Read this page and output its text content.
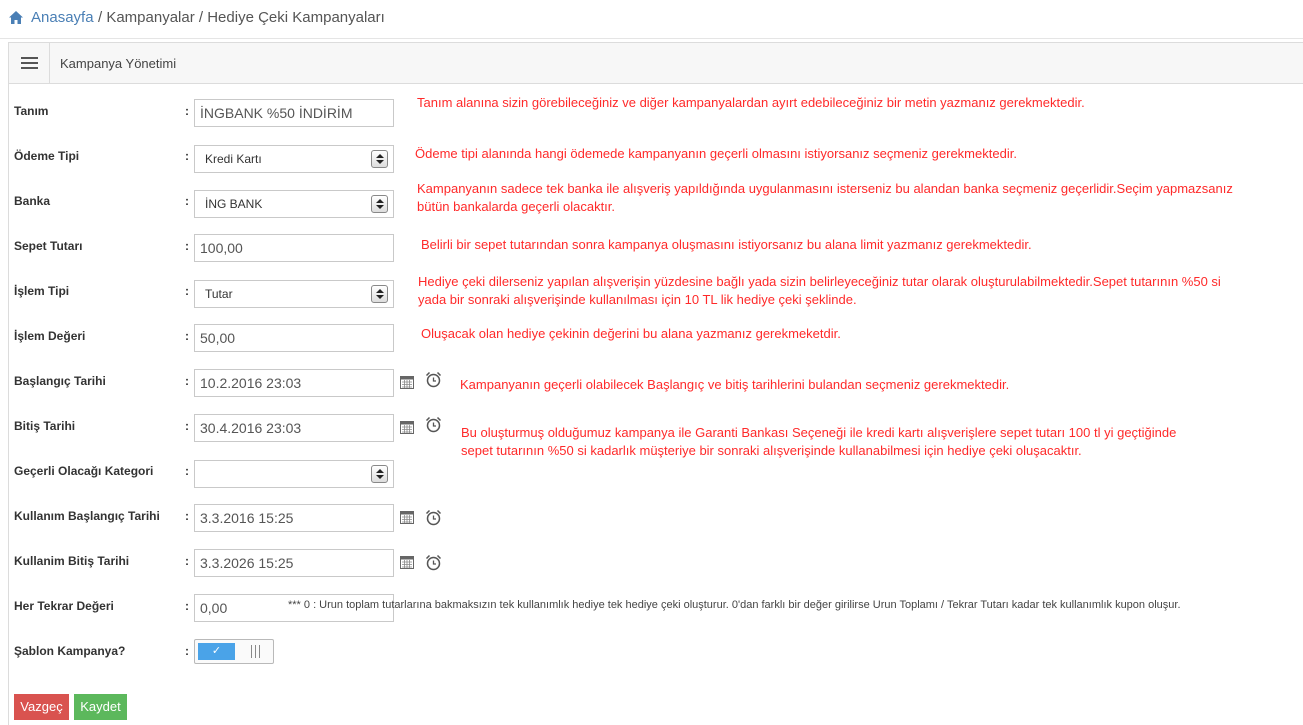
Anasayfa / Kampanyalar / Hediye Çeki Kampanyaları
Kampanya Yönetimi
Tanım	: İNGBANK %50 İNDİRİM
Tanım alanına sizin görebileceğiniz ve diğer kampanyalardan ayırt edebileceğiniz bir metin yazmanız gerekmektedir.
Ödeme Tipi	:	Kredi Kartı	Ödeme tipi alanında hangi ödemede kampanyanın geçerli olmasını istiyorsanız seçmeniz gerekmektedir.
Banka	:	İNG BANK
Kampanyanın sadece tek banka ile alışveriş yapıldığında uygulanmasını isterseniz bu alandan banka seçmeniz geçerlidir.Seçim yapmazsanız
bütün bankalarda geçerli olacaktır.
Sepet Tutarı	: 100,00	Belirli bir sepet tutarından sonra kampanya oluşmasını istiyorsanız bu alana limit yazmanız gerekmektedir.
İşlem Tipi	:	Tutar
Hediye çeki dilerseniz yapılan alışverişin yüzdesine bağlı yada sizin belirleyeceğiniz tutar olarak oluşturulabilmektedir.Sepet tutarının %50 si
yada bir sonraki alışverişinde kullanılması için 10 TL lik hediye çeki şeklinde.
İşlem Değeri	: 50,00	Oluşacak olan hediye çekinin değerini bu alana yazmanız gerekmeketdir.
Başlangıç Tarihi	: 10.2.2016 23:03	Kampanyanın geçerli olabilecek Başlangıç ve bitiş tarihlerini bulandan seçmeniz gerekmektedir.
Bitiş Tarihi	: 30.4.2016 23:03	Bu oluşturmuş olduğumuz kampanya ile Garanti Bankası Seçeneği ile kredi kartı alışverişlere sepet tutarı 100 tl yi geçtiğinde
sepet tutarının %50 si kadarlık müşteriye bir sonraki alışverişinde kullanabilmesi için hediye çeki oluşacaktır.
Geçerli Olacağı Kategori	:
Kullanım Başlangıç Tarihi : 3.3.2016 15:25
Kullanim Bitiş Tarihi	: 3.3.2026 15:25
Her Tekrar Değeri	: 0,00	*** 0 : Urun toplam tutarlarına bakmaksızın tek kullanımlık hediye tek hediye çeki oluşturur. 0'dan farklı bir değer girilirse Urun Toplamı / Tekrar Tutarı kadar tek kullanımlık kupon oluşur.
Şablon Kampanya?	:	✓
Vazgeç	Kaydet
